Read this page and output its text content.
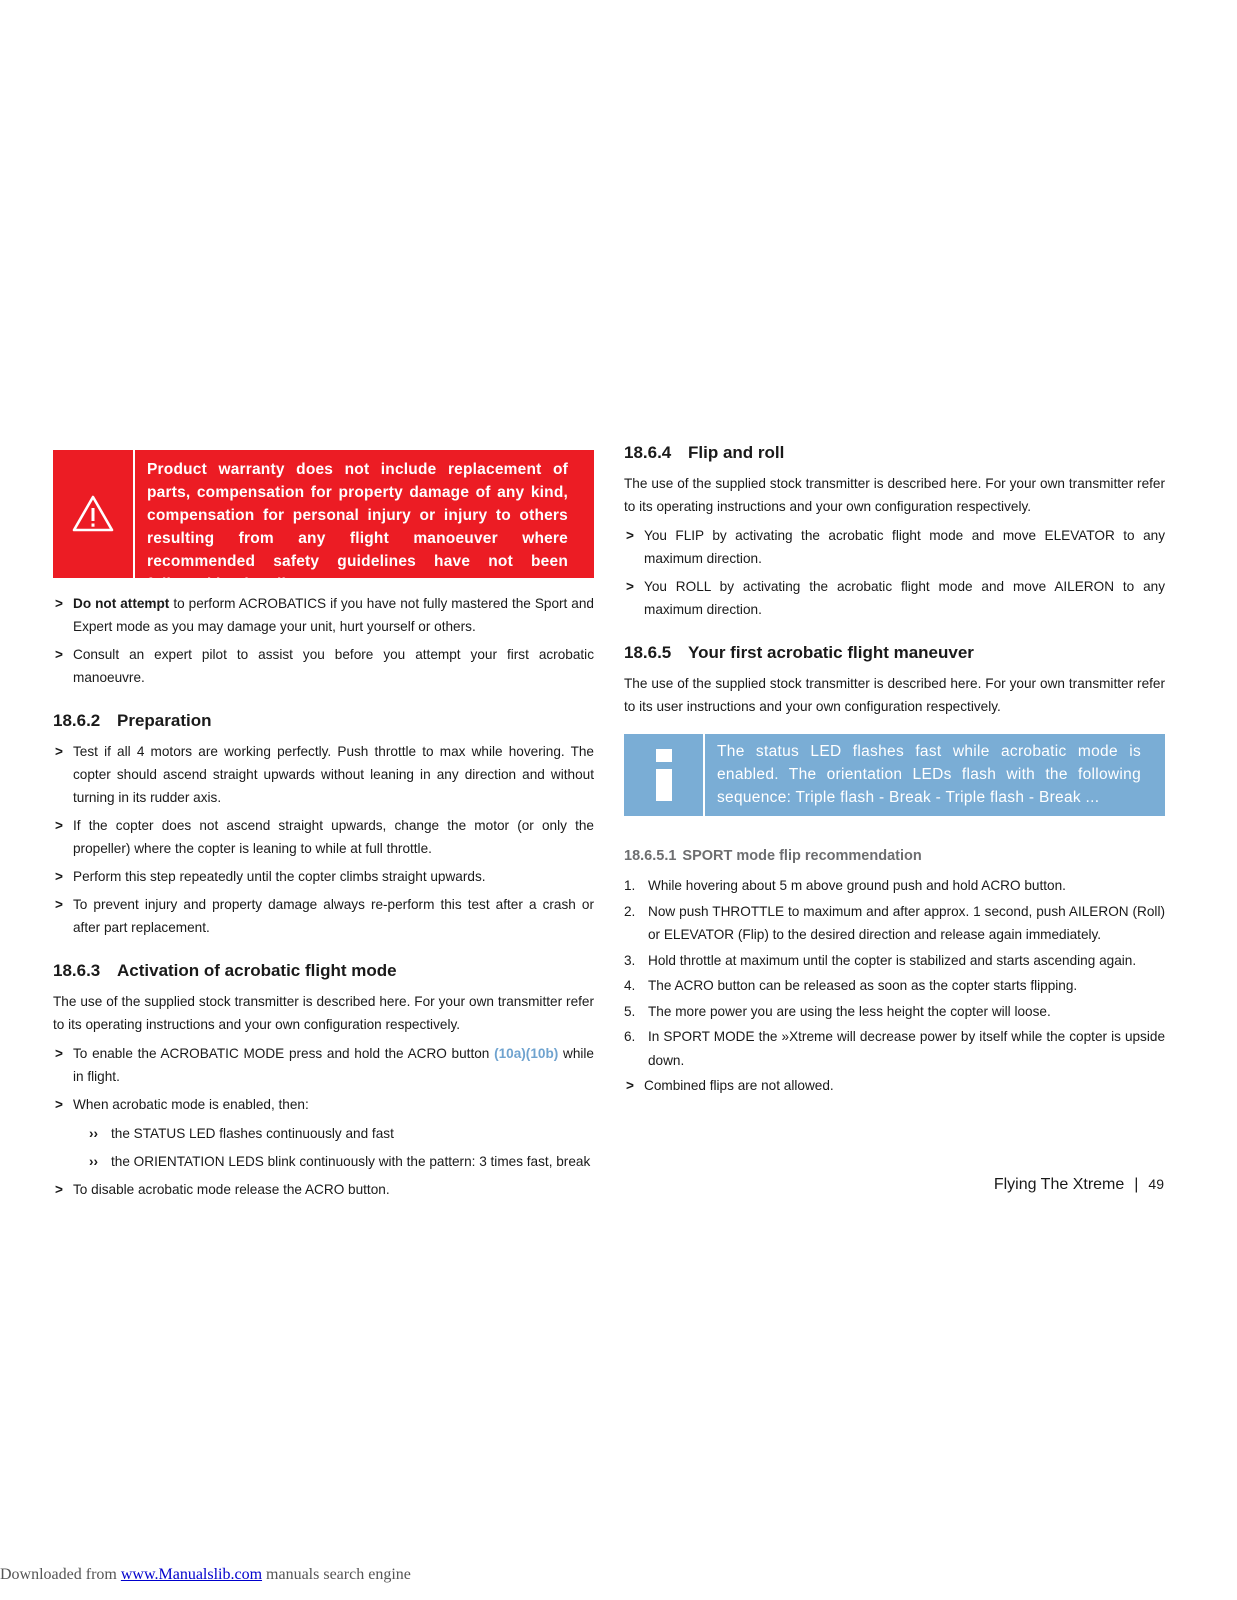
Product warranty does not include replacement of parts, compensation for property damage of any kind, compensation for personal injury or injury to others resulting from any flight manoeuver where recommended safety guidelines have not been followed by the pilot.
> Do not attempt to perform ACROBATICS if you have not fully mastered the Sport and Expert mode as you may damage your unit, hurt yourself or others.
> Consult an expert pilot to assist you before you attempt your first acrobatic manoeuvre.
18.6.2 Preparation
> Test if all 4 motors are working perfectly. Push throttle to max while hovering. The copter should ascend straight upwards without leaning in any direction and without turning in its rudder axis.
> If the copter does not ascend straight upwards, change the motor (or only the propeller) where the copter is leaning to while at full throttle.
> Perform this step repeatedly until the copter climbs straight upwards.
> To prevent injury and property damage always re-perform this test after a crash or after part replacement.
18.6.3 Activation of acrobatic flight mode

The use of the supplied stock transmitter is described here. For your own transmitter refer to its operating instructions and your own configuration respectively.

> To enable the ACROBATIC MODE press and hold the ACRO button (10a)(10b) while in flight.
> When acrobatic mode is enabled, then:
›› the STATUS LED flashes continuously and fast
›› the ORIENTATION LEDS blink continuously with the pattern: 3 times fast, break
> To disable acrobatic mode release the ACRO button.
18.6.4 Flip and roll

The use of the supplied stock transmitter is described here. For your own transmitter refer to its operating instructions and your own configuration respectively.

> You FLIP by activating the acrobatic flight mode and move ELEVATOR to any maximum direction.
> You ROLL by activating the acrobatic flight mode and move AILERON to any maximum direction.
18.6.5 Your first acrobatic flight maneuver

The use of the supplied stock transmitter is described here. For your own transmitter refer to its user instructions and your own configuration respectively.

The status LED flashes fast while acrobatic mode is enabled. The orientation LEDs flash with the following sequence: Triple flash - Break - Triple flash - Break ...
18.6.5.1 SPORT mode flip recommendation
1. While hovering about 5 m above ground push and hold ACRO button.
2. Now push THROTTLE to maximum and after approx. 1 second, push AILERON (Roll) or ELEVATOR (Flip) to the desired direction and release again immediately.
3. Hold throttle at maximum until the copter is stabilized and starts ascending again.
4. The ACRO button can be released as soon as the copter starts flipping.
5. The more power you are using the less height the copter will loose.
6. In SPORT MODE the »Xtreme will decrease power by itself while the copter is upside down.
> Combined flips are not allowed.
Flying The Xtreme | 49
Downloaded from www.Manualslib.com manuals search engine
